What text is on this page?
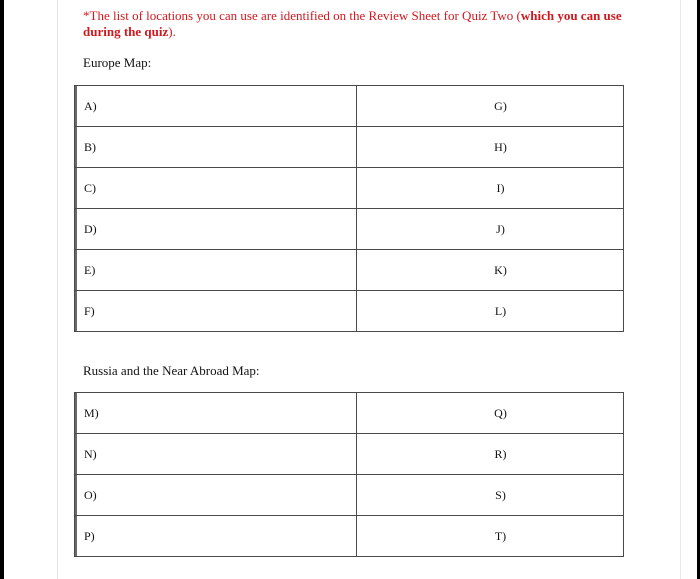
*The list of locations you can use are identified on the Review Sheet for Quiz Two (which you can use during the quiz).
Europe Map:
A)	G)
B)	H)
C)	I)
D)	J)
E)	K)
F)	L)
Russia and the Near Abroad Map:
M)	Q)
N)	R)
O)	S)
P)	T)
